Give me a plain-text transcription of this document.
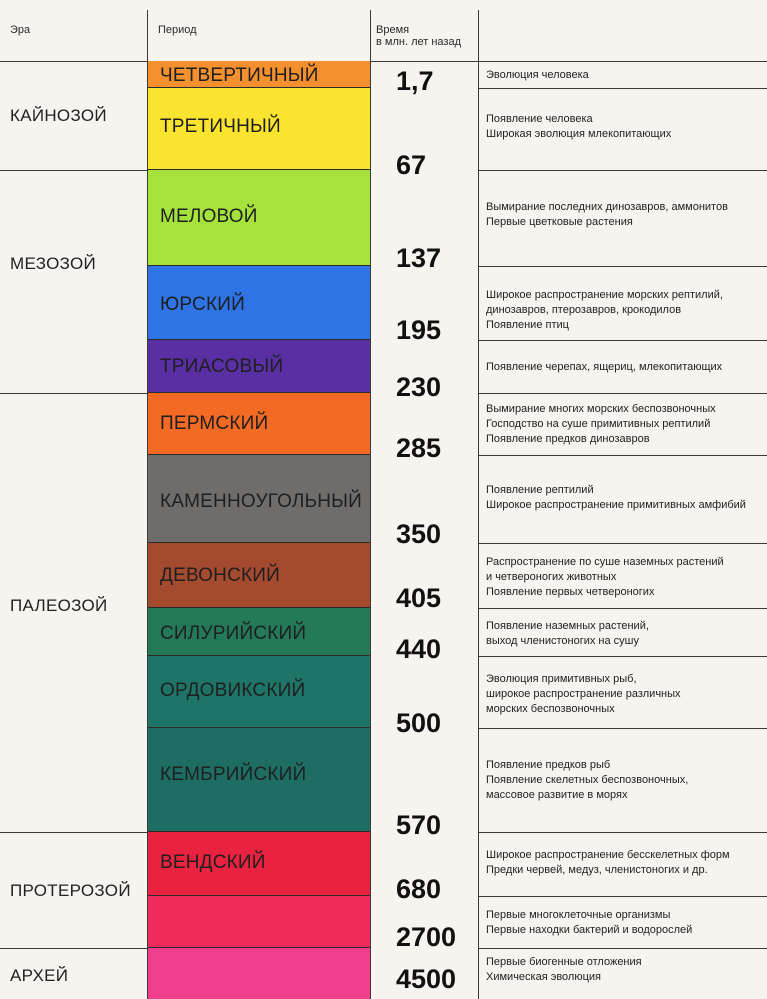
Эра	Период	Время
в млн. лет назад
КАЙНОЗОЙ
МЕЗОЗОЙ
ПАЛЕОЗОЙ
ПРОТЕРОЗОЙ
АРХЕЙ
ЧЕТВЕРТИЧНЫЙ
ТРЕТИЧНЫЙ
МЕЛОВОЙ
ЮРСКИЙ
ТРИАСОВЫЙ
ПЕРМСКИЙ
КАМЕННОУГОЛЬНЫЙ
ДЕВОНСКИЙ
СИЛУРИЙСКИЙ
ОРДОВИКСКИЙ
КЕМБРИЙСКИЙ
ВЕНДСКИЙ
1,7
67
137
195
230
285
350
405
440
500
570
680
2700
4500
Эволюция человека
Появление человека
Широкая эволюция млекопитающих
Вымирание последних динозавров, аммонитов
Первые цветковые растения
Широкое распространение морских рептилий,
динозавров, птерозавров, крокодилов
Появление птиц
Появление черепах, ящериц, млекопитающих
Вымирание многих морских беспозвоночных
Господство на суше примитивных рептилий
Появление предков динозавров
Появление рептилий
Широкое распространение примитивных амфибий
Распространение по суше наземных растений
и четвероногих животных
Появление первых четвероногих
Появление наземных растений,
выход членистоногих на сушу
Эволюция примитивных рыб,
широкое распространение различных
морских беспозвоночных
Появление предков рыб
Появление скелетных беспозвоночных,
массовое развитие в морях
Широкое распространение бесскелетных форм
Предки червей, медуз, членистоногих и др.
Первые многоклеточные организмы
Первые находки бактерий и водорослей
Первые биогенные отложения
Химическая эволюция
